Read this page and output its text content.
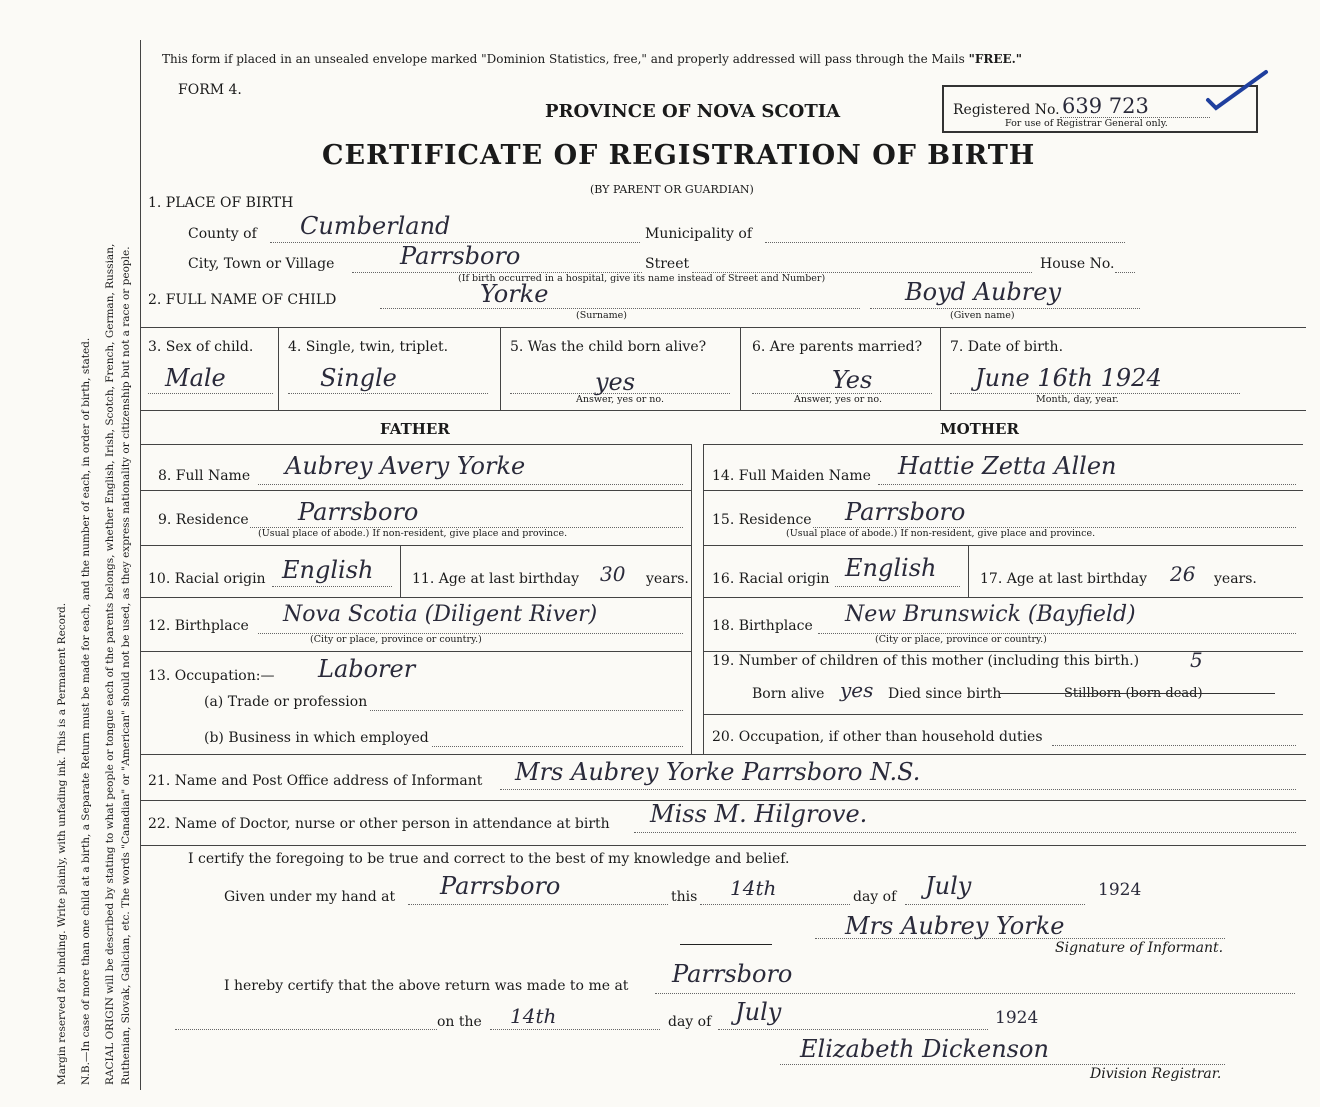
Margin reserved for binding. Write plainly, with unfading ink. This is a Permanent Record. N.B.—In case of more than one child at a birth, a Separate Return must be made for each, and the number of each, in order of birth, stated. RACIAL ORIGIN will be described by stating to what people or tongue each of the parents belongs, whether English, Irish, Scotch, French, German, Russian, Ruthenian, Slovak, Galician, etc. The words "Canadian" or "American" should not be used, as they express nationality or citizenship but not a race or people.
This form if placed in an unsealed envelope marked "Dominion Statistics, free," and properly addressed will pass through the Mails "FREE."
FORM 4.
PROVINCE OF NOVA SCOTIA	Registered No. 639 723
For use of Registrar General only.
CERTIFICATE OF REGISTRATION OF BIRTH
(BY PARENT OR GUARDIAN)
1. PLACE OF BIRTH
County of Cumberland	Municipality of
City, Town or Village	Parrsboro	Street	House No.
(If birth occurred in a hospital, give its name instead of Street and Number)
2. FULL NAME OF CHILD	Yorke
(Surname)
Boyd Aubrey
(Given name)
3. Sex of child.
Male
4. Single, twin, triplet.
Single
5. Was the child born alive?
yes
Answer, yes or no.
6. Are parents married?
Yes
Answer, yes or no.
7. Date of birth.
June 16th 1924
Month, day, year.
FATHER	MOTHER
8. Full Name Aubrey Avery Yorke
9. Residence Parrsboro
(Usual place of abode.) If non-resident, give place and province.
10. Racial origin English	11. Age at last birthday 30 years.
12. Birthplace Nova Scotia (Diligent River)
(City or place, province or country.)
13. Occupation:— Laborer
(a) Trade or profession
(b) Business in which employed
14. Full Maiden Name Hattie Zetta Allen
15. Residence Parrsboro
(Usual place of abode.) If non-resident, give place and province.
16. Racial origin English	17. Age at last birthday 26 years.
18. Birthplace New Brunswick (Bayfield)
(City or place, province or country.)
19. Number of children of this mother (including this birth.)	5
Born alive yes Died since birth	Stillborn (born dead)
20. Occupation, if other than household duties
21. Name and Post Office address of Informant Mrs Aubrey Yorke Parrsboro N.S.
22. Name of Doctor, nurse or other person in attendance at birth Miss M. Hilgrove.
I certify the foregoing to be true and correct to the best of my knowledge and belief.
Given under my hand at Parrsboro	this 14th	day of July	1924
Mrs Aubrey Yorke
Signature of Informant.
I hereby certify that the above return was made to me at Parrsboro
on the 14th	day of July	1924
Elizabeth Dickenson
Division Registrar.
